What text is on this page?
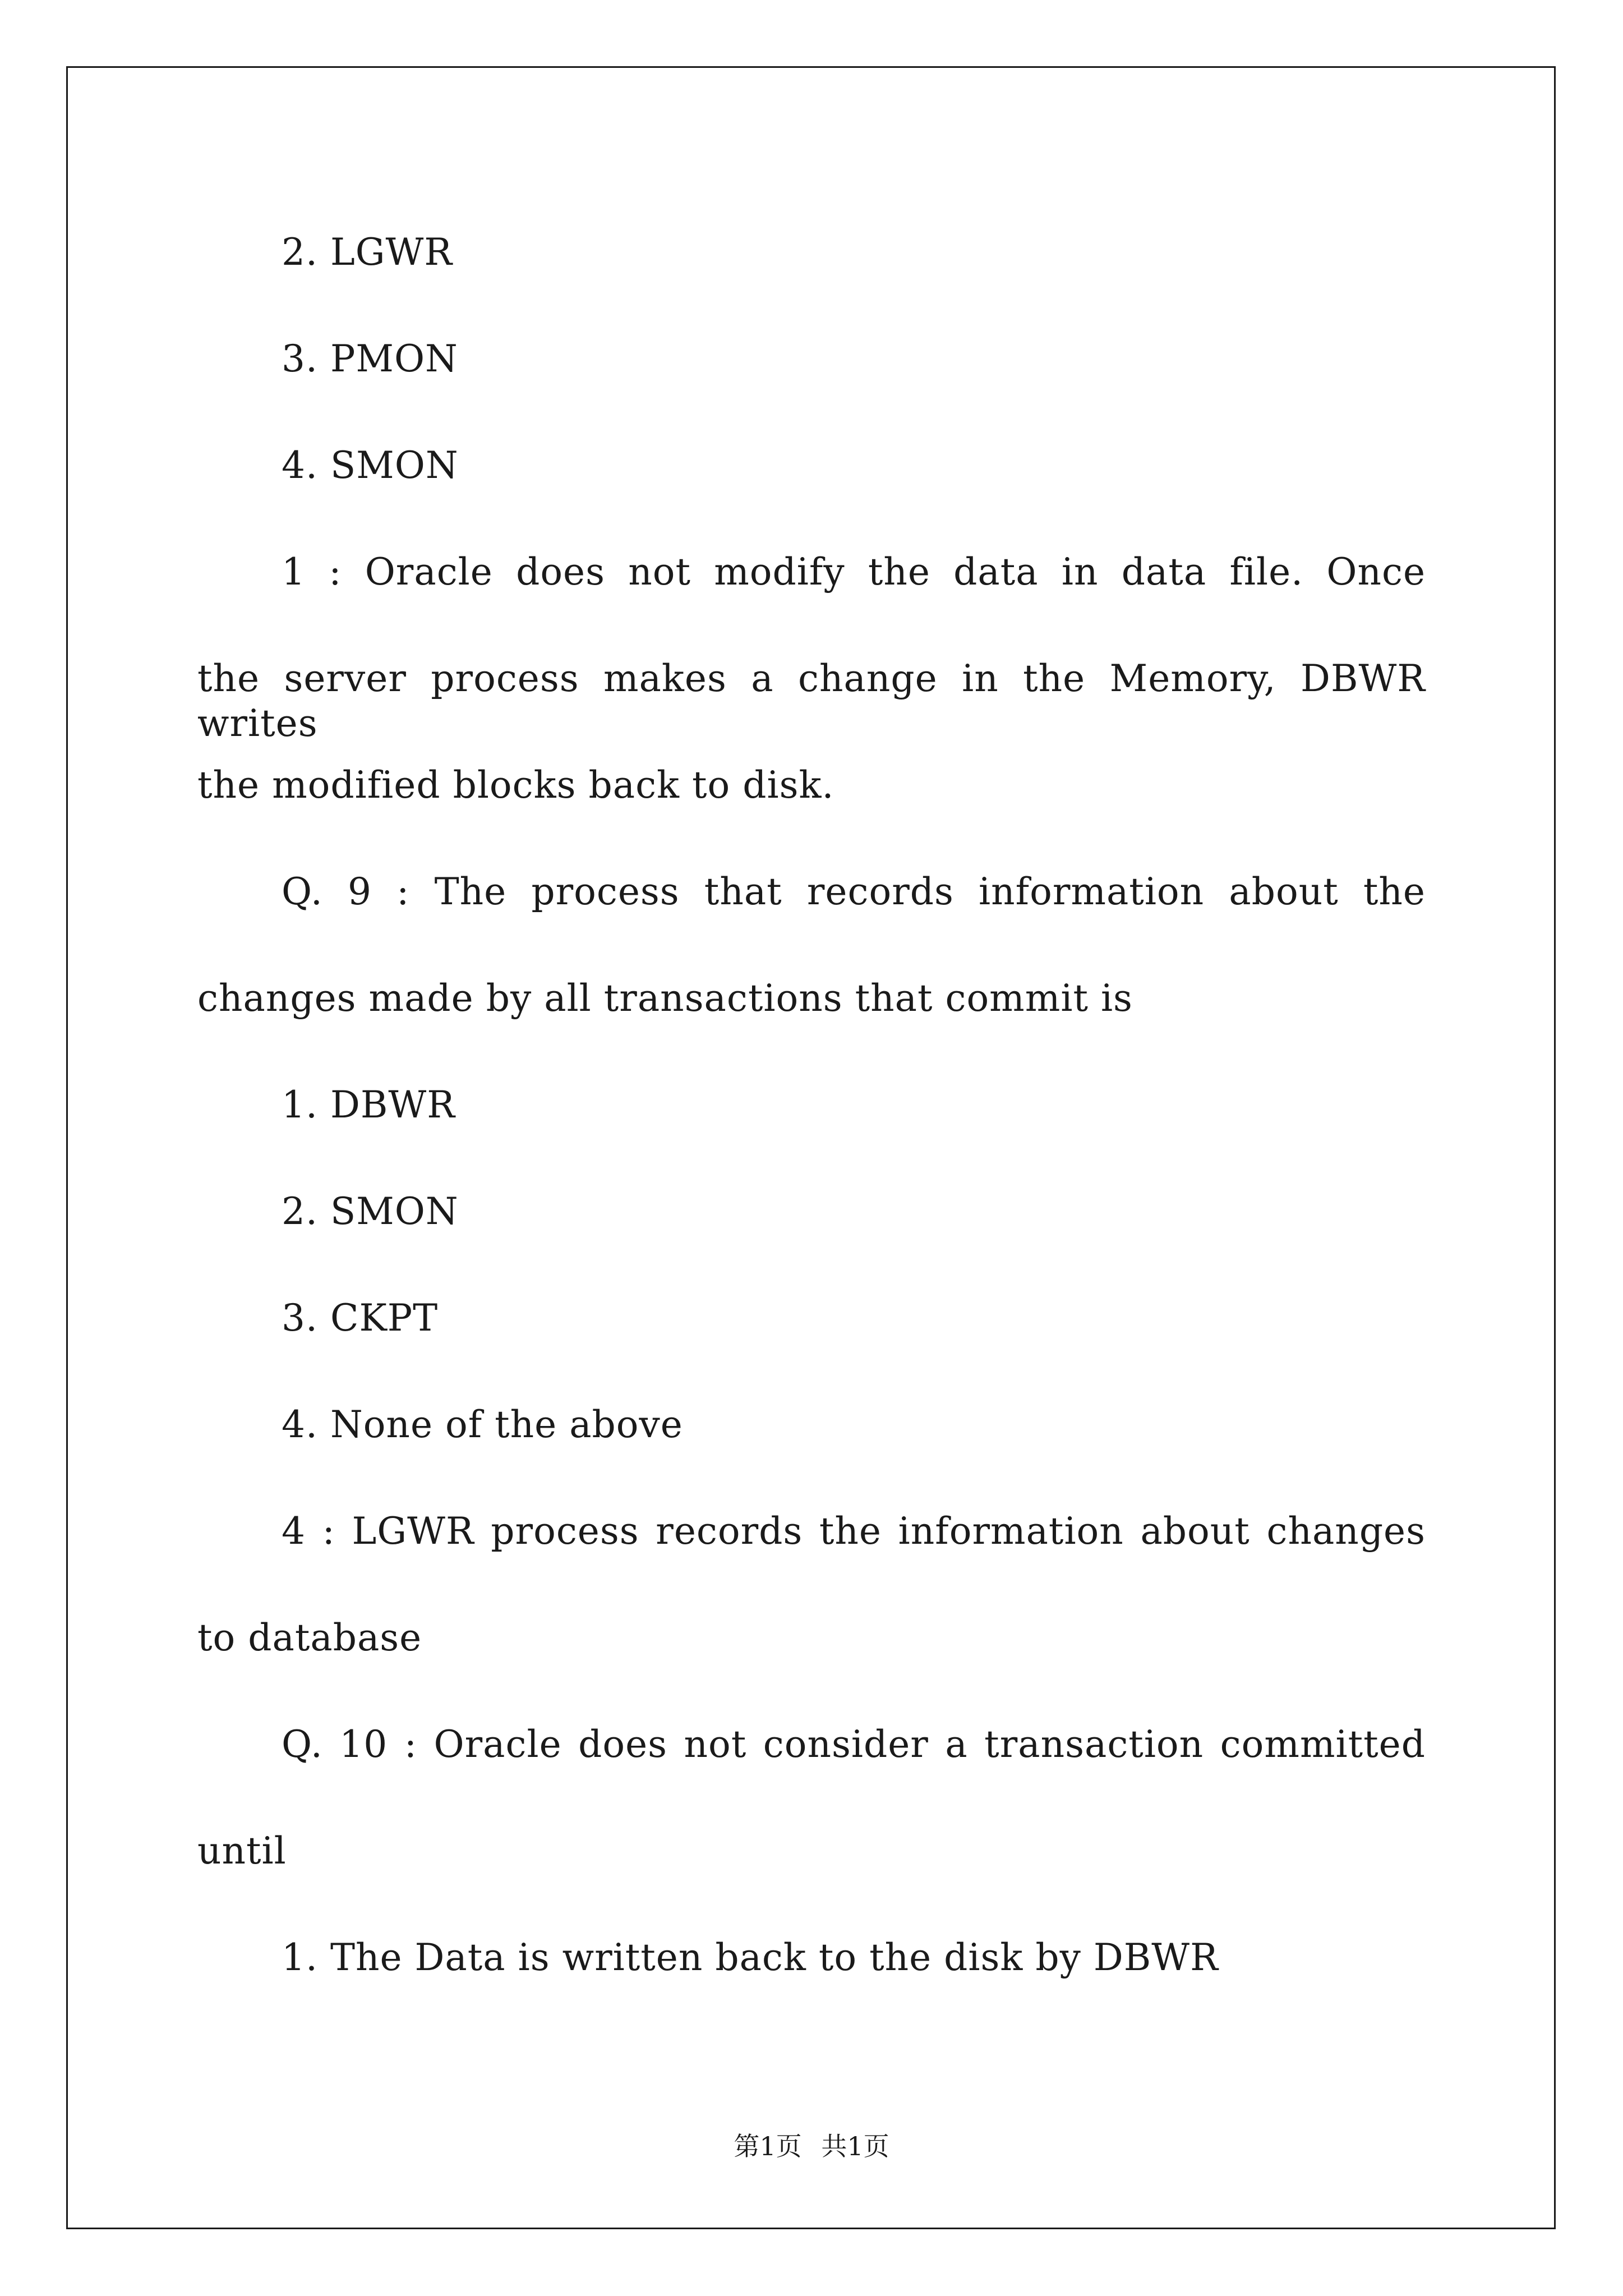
2. LGWR
3. PMON
4. SMON
1 : Oracle does not modify the data in data file. Once
the server process makes a change in the Memory, DBWR writes
the modified blocks back to disk.
Q. 9 : The process that records information about the
changes made by all transactions that commit is
1. DBWR
2. SMON
3. CKPT
4. None of the above
4 : LGWR process records the information about changes
to database
Q. 10 : Oracle does not consider a transaction committed
until
1. The Data is written back to the disk by DBWR
第1页 共1页
